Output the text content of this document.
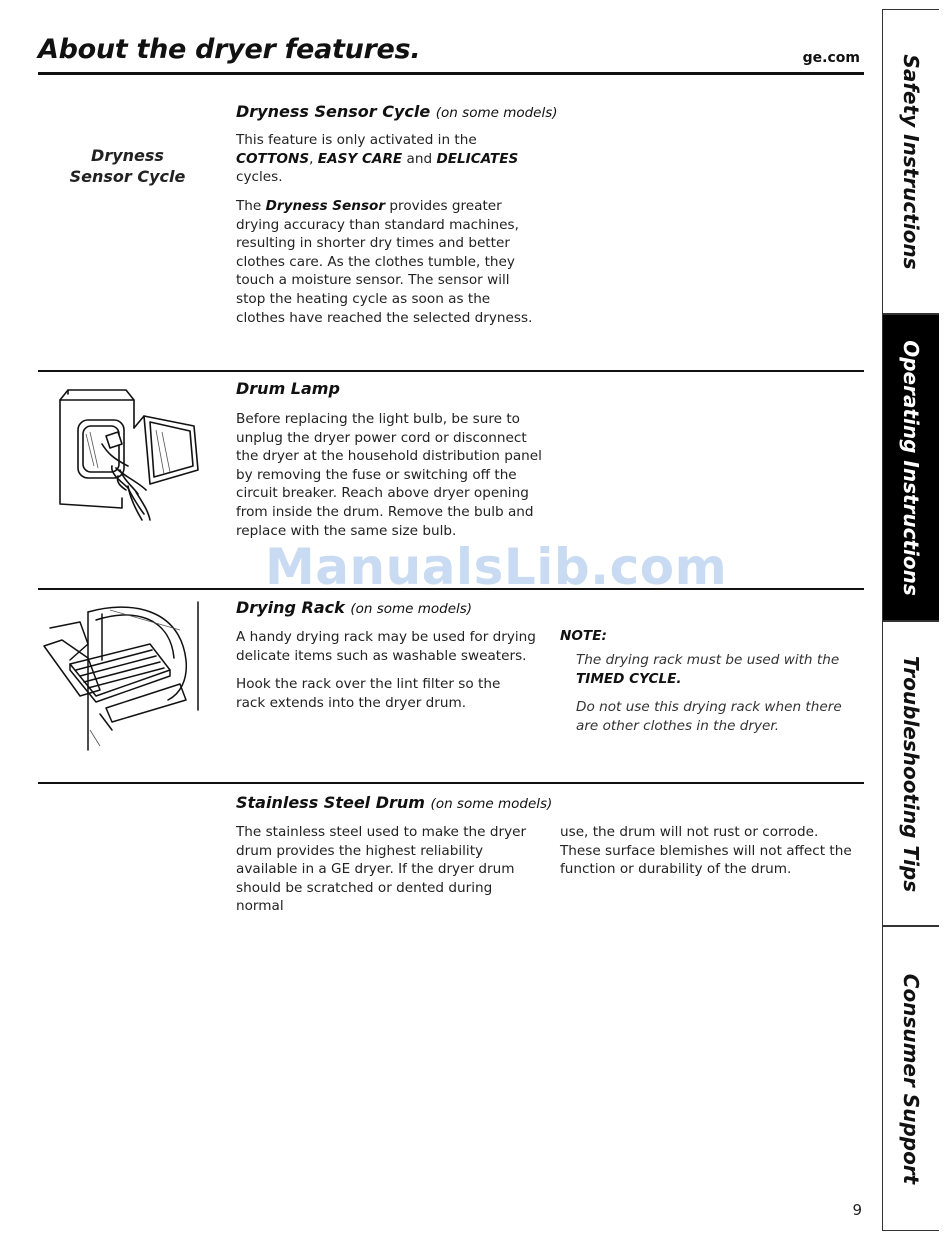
About the dryer features.	ge.com
Dryness
Sensor Cycle
Dryness Sensor Cycle (on some models)
This feature is only activated in the
COTTONS, EASY CARE and DELICATES
cycles.
The Dryness Sensor provides greater drying accuracy than standard machines, resulting in shorter dry times and better clothes care. As the clothes tumble, they touch a moisture sensor. The sensor will stop the heating cycle as soon as the clothes have reached the selected dryness.
Drum Lamp
Before replacing the light bulb, be sure to unplug the dryer power cord or disconnect the dryer at the household distribution panel by removing the fuse or switching off the circuit breaker. Reach above dryer opening from inside the drum. Remove the bulb and replace with the same size bulb.
ManualsLib.com
Drying Rack (on some models)
A handy drying rack may be used for drying delicate items such as washable sweaters.
Hook the rack over the lint filter so the rack extends into the dryer drum.
NOTE:
The drying rack must be used with the
TIMED CYCLE.
Do not use this drying rack when there are other clothes in the dryer.
Stainless Steel Drum (on some models)
The stainless steel used to make the dryer drum provides the highest reliability available in a GE dryer. If the dryer drum should be scratched or dented during normal
use, the drum will not rust or corrode. These surface blemishes will not affect the function or durability of the drum.
Safety Instructions
Operating Instructions
Troubleshooting Tips
Consumer Support
9
